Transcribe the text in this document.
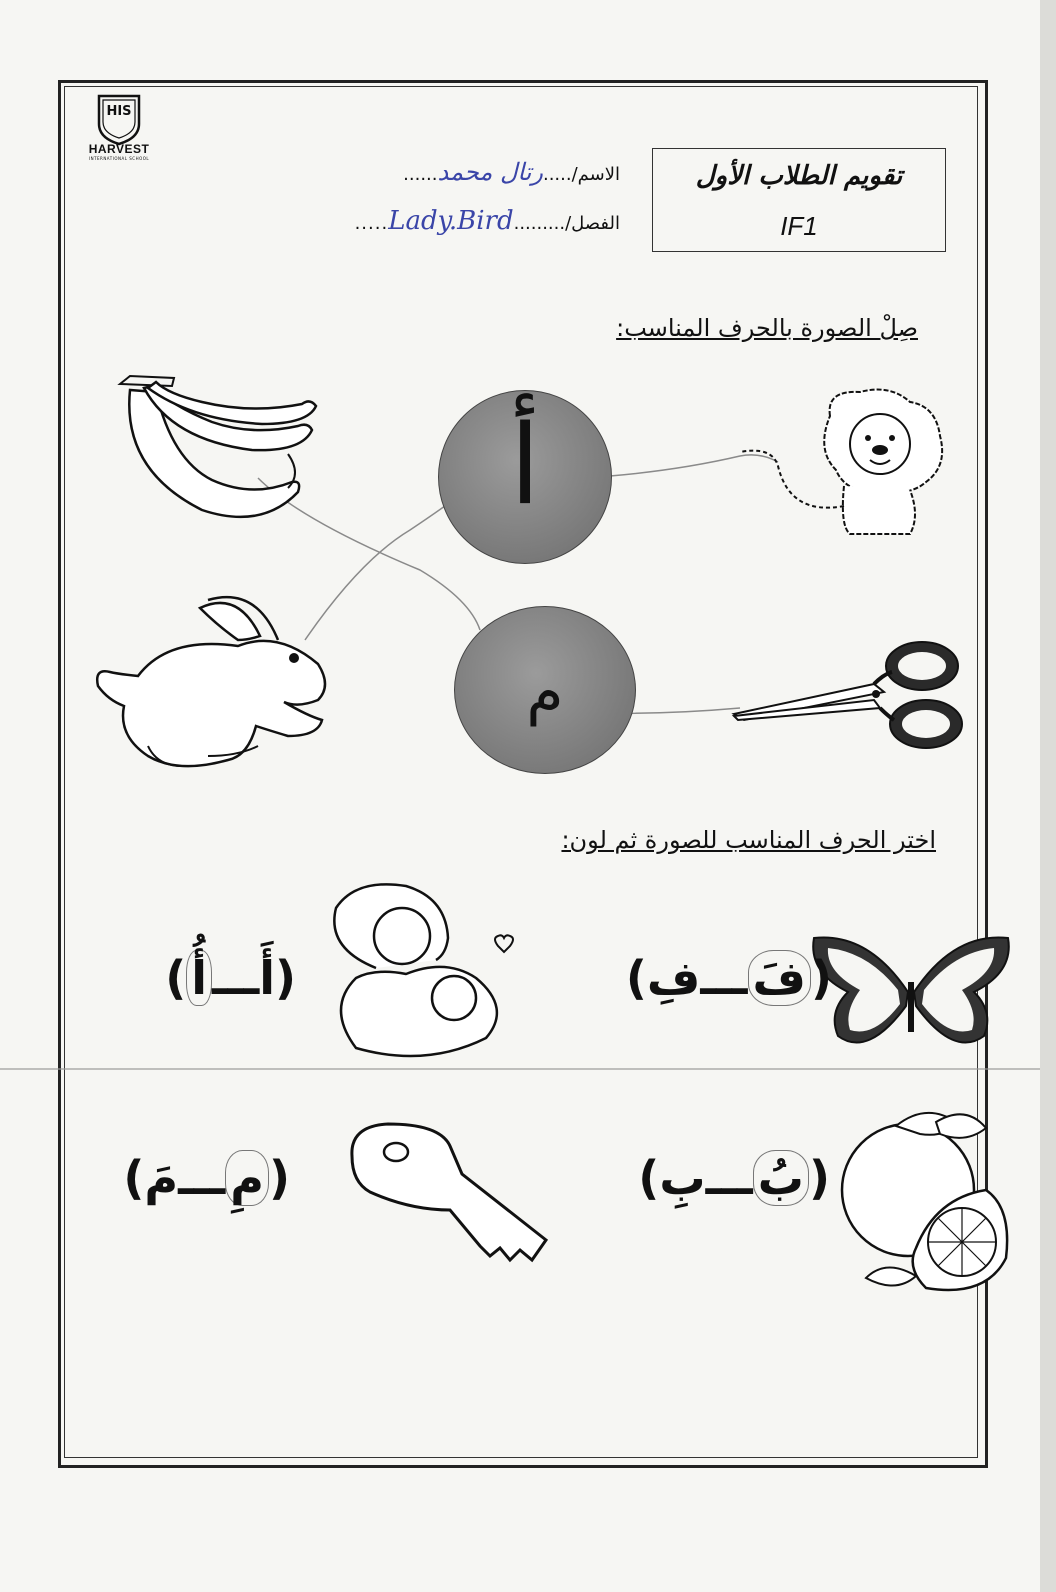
HARVEST
INTERNATIONAL SCHOOL
HIS
تقويم الطلاب الأول
IF1
الاسم/.....رتال محمد......
الفصل/.........Lady.Bird.....
صِلْ الصورة بالحرف المناسب:
أ
م
اختر الحرف المناسب للصورة ثم لون:
(فَـــفِ)
(أَـــأُ)
(بُـــبِ)
(مِـــمَ)
